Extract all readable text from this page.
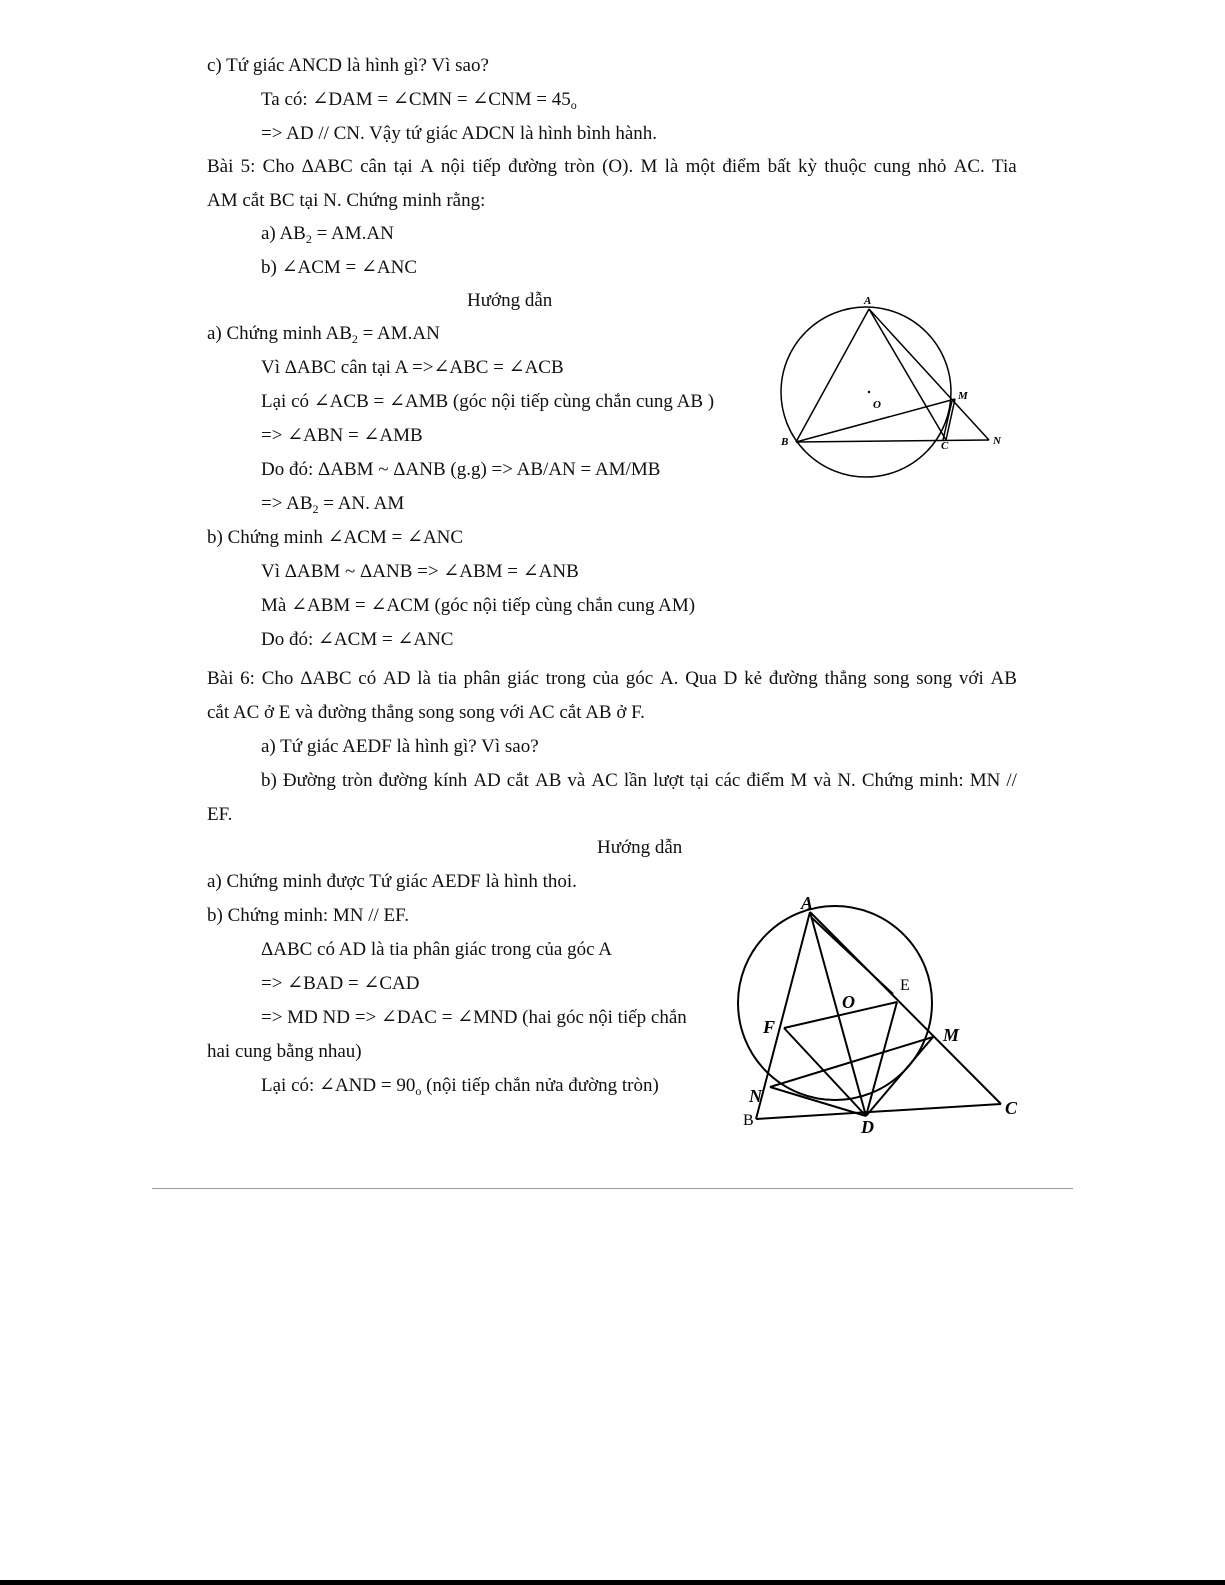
c) Tứ giác ANCD là hình gì? Vì sao?
Ta có: ∠DAM = ∠CMN = ∠CNM = $45_o$
=> AD // CN. Vậy tứ giác ADCN là hình bình hành.
Bài 5: Cho ΔABC cân tại A nội tiếp đường tròn (O). M là một điểm bất kỳ thuộc cung nhỏ AC. Tia
AM cắt BC tại N. Chứng minh rằng:
a) $AB_2 = AM.AN$
b) ∠ACM = ∠ANC
Hướng dẫn
a) Chứng minh $AB_2 = AM.AN$
Vì ΔABC cân tại A =>∠ABC = ∠ACB
Lại có ∠ACB = ∠AMB (góc nội tiếp cùng chắn cung AB )
=> ∠ABN = ∠AMB
Do đó: ΔABM ~ ΔANB (g.g) => AB/AN = AM/MB
=> $AB_2$ = AN. AM
b) Chứng minh ∠ACM = ∠ANC
Vì ΔABM ~ ΔANB => ∠ABM = ∠ANB
Mà ∠ABM = ∠ACM (góc nội tiếp cùng chắn cung AM)
Do đó: ∠ACM = ∠ANC
A
O
M
B	C	N
Bài 6: Cho ΔABC có AD là tia phân giác trong của góc A. Qua D kẻ đường thẳng song song với AB
cắt AC ở E và đường thẳng song song với AC cắt AB ở F.
a) Tứ giác AEDF là hình gì? Vì sao?
b) Đường tròn đường kính AD cắt AB và AC lần lượt tại các điểm M và N. Chứng minh: MN //
EF.
Hướng dẫn
a) Chứng minh được Tứ giác AEDF là hình thoi.
b) Chứng minh: MN // EF.
ΔABC có AD là tia phân giác trong của góc A
=> ∠BAD = ∠CAD
=> MD ND => ∠DAC = ∠MND (hai góc nội tiếp chắn
hai cung bằng nhau)
Lại có: ∠AND = $90_o$ (nội tiếp chắn nửa đường tròn)
A
E
O
F	M
N
B	D
C
